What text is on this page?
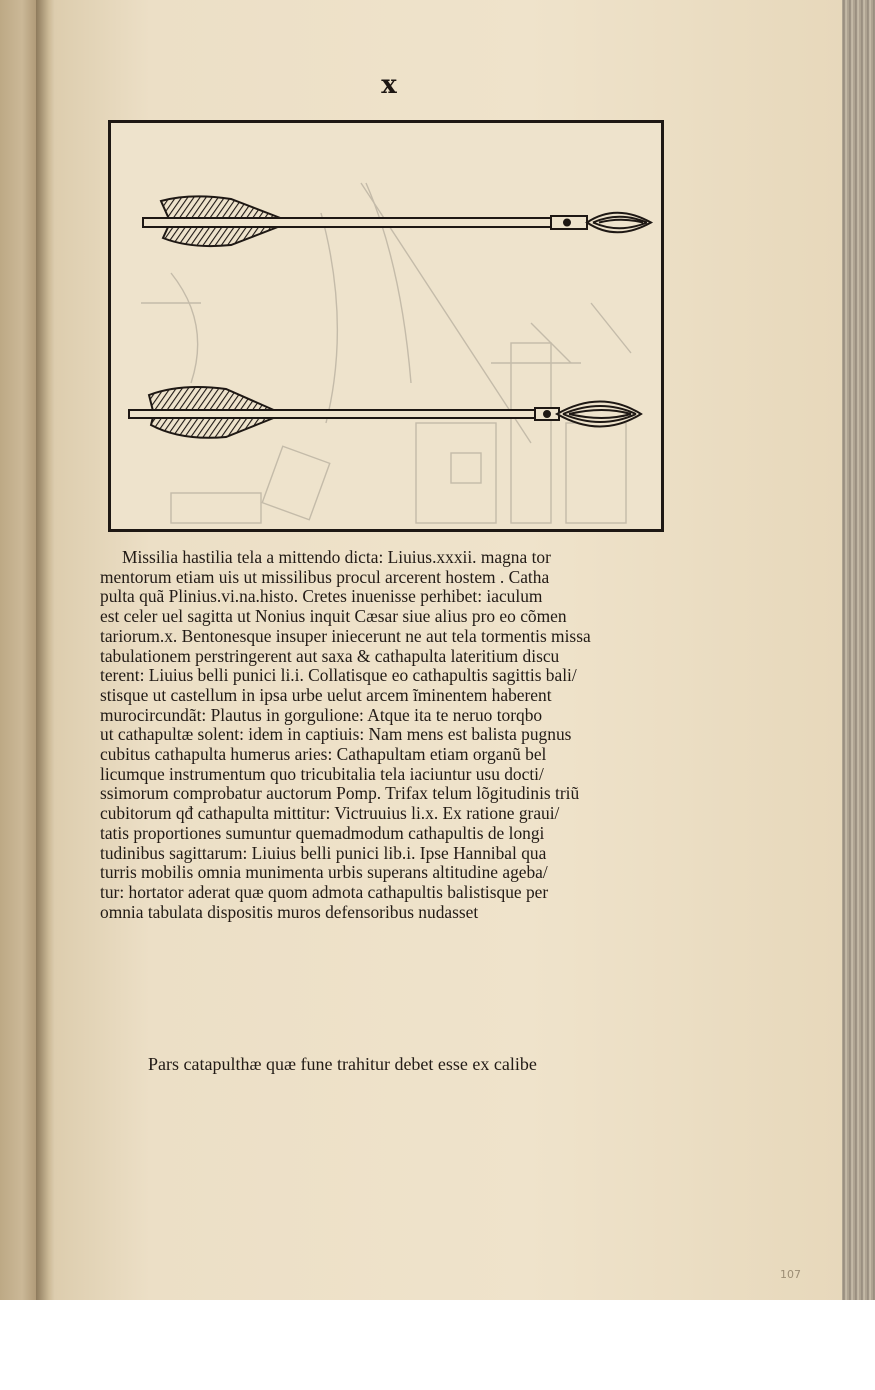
x
Missilia hastilia tela a mittendo dicta: Liuius.xxxii. magna tor
mentorum etiam uis ut missilibus procul arcerent hostem . Catha
pulta quã Plinius.vi.na.histo. Cretes inuenisse perhibet: iaculum
est celer uel sagitta ut Nonius inquit Cæsar siue alius pro eo cõmen
tariorum.x. Bentonesque insuper iniecerunt ne aut tela tormentis missa
tabulationem perstringerent aut saxa & cathapulta lateritium discu
terent: Liuius belli punici li.i. Collatisque eo cathapultis sagittis bali/
stisque ut castellum in ipsa urbe uelut arcem ĩminentem haberent
murocircundãt: Plautus in gorgulione: Atque ita te neruo torqbo
ut cathapultæ solent: idem in captiuis: Nam mens est balista pugnus
cubitus cathapulta humerus aries: Cathapultam etiam organũ bel
licumque instrumentum quo tricubitalia tela iaciuntur usu docti/
ssimorum comprobatur auctorum Pomp. Trifax telum lõgitudinis triũ
cubitorum qđ cathapulta mittitur: Victruuius li.x. Ex ratione graui/
tatis proportiones sumuntur quemadmodum cathapultis de longi
tudinibus sagittarum: Liuius belli punici lib.i. Ipse Hannibal qua
turris mobilis omnia munimenta urbis superans altitudine ageba/
tur: hortator aderat quæ quom admota cathapultis balistisque per
omnia tabulata dispositis muros defensoribus nudasset
Pars catapulthæ quæ fune trahitur debet esse ex calibe
107
